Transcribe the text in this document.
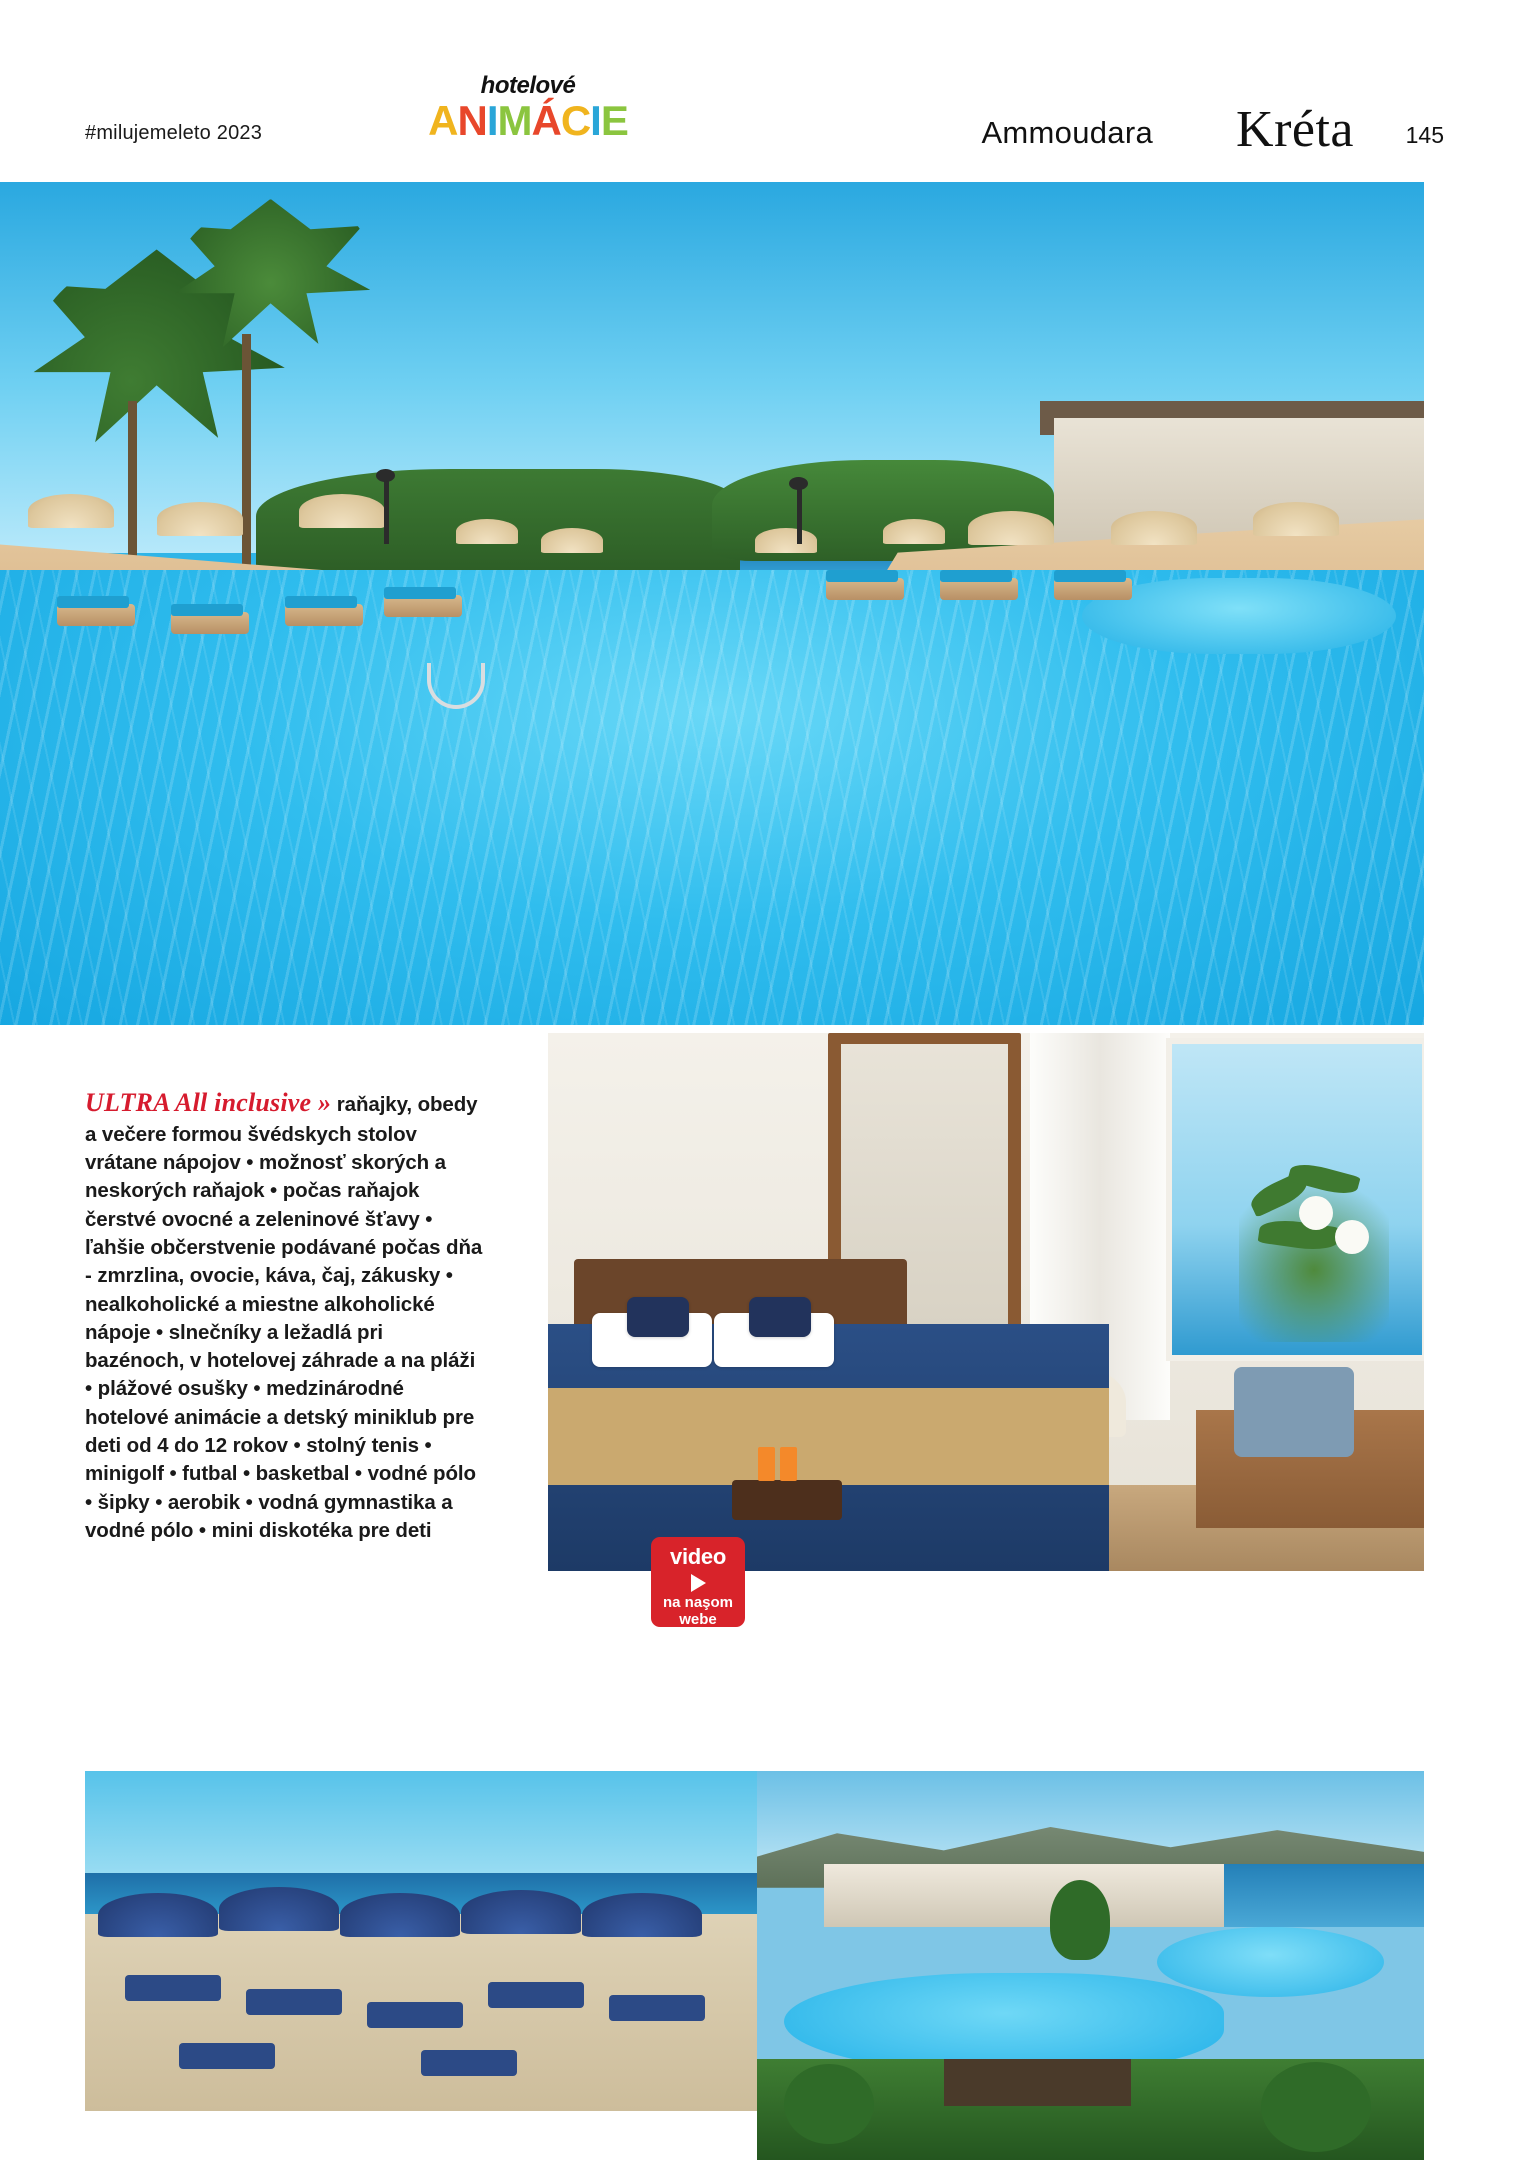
#milujemeleto 2023
hotelové
ANIMÁCIE	Ammoudara Kréta 145

ULTRA All inclusive » raňajky, obedy a večere formou švédskych stolov vrátane nápojov • možnosť skorých a neskorých raňajok • počas raňajok čerstvé ovocné a zeleninové šťavy • ľahšie občerstvenie podávané počas dňa - zmrzlina, ovocie, káva, čaj, zákusky • nealkoholické a miestne alkoholické nápoje • slnečníky a ležadlá pri bazénoch, v hotelovej záhrade a na pláži • plážové osušky • medzinárodné hotelové animácie a detský miniklub pre deti od 4 do 12 rokov • stolný tenis • minigolf • futbal • basketbal • vodné pólo • šipky • aerobik • vodná gymnastika a vodné pólo • mini diskotéka pre deti

video
na naşom
webe
